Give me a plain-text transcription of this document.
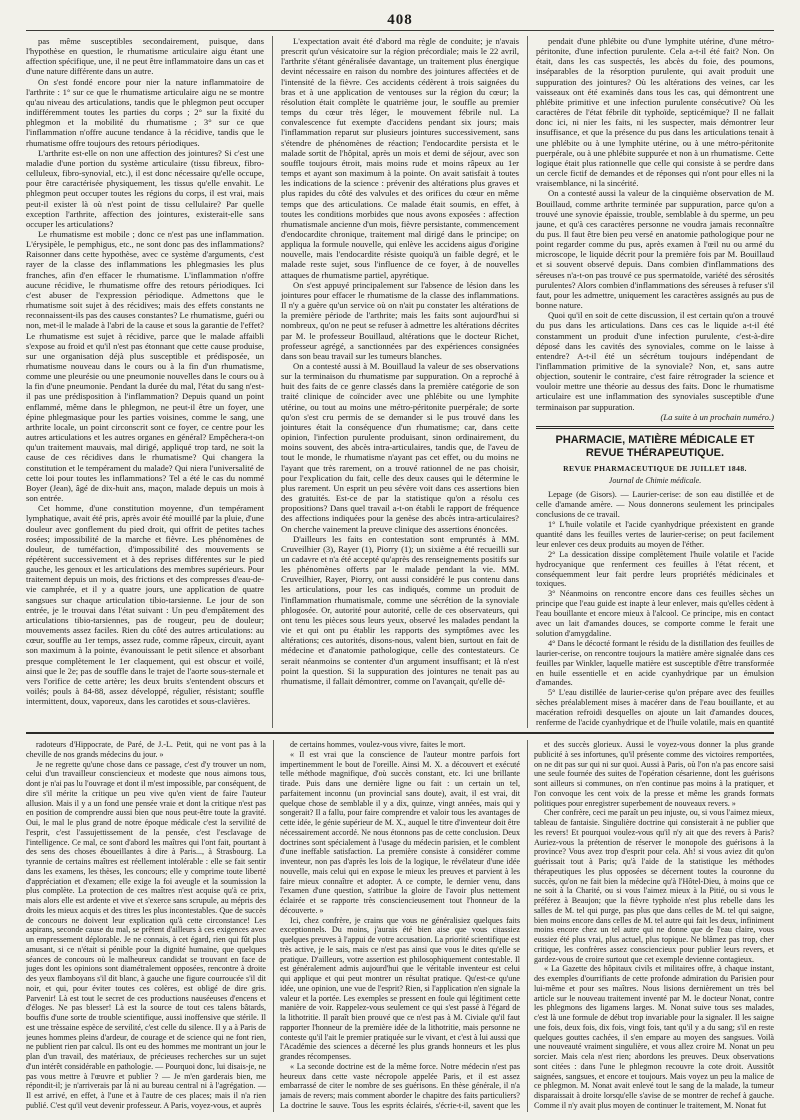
408

pas même susceptibles secondairement, puisque, dans l'hypothèse en question, le rhumatisme articulaire aigu étant une affection spécifique, une, il ne peut être inflammatoire dans un cas et d'une nature différente dans un autre.

On s'est fondé encore pour nier la nature inflammatoire de l'arthrite : 1° sur ce que le rhumatisme articulaire aigu ne se montre qu'au niveau des articulations, tandis que le phlegmon peut occuper indifféremment toutes les parties du corps ; 2° sur la fixité du phlegmon et la mobilité du rhumatisme ; 3° sur ce que l'inflammation n'offre aucune tendance à la récidive, tandis que le rhumatisme offre toujours des retours périodiques.

L'arthrite est-elle on non une affection des jointures? Si c'est une maladie d'une portion du système articulaire (tissu fibreux, fibro-celluleux, fibro-synovial, etc.), il est donc nécessaire qu'elle occupe, pour être caractérisée physiquement, les tissus qu'elle envahit. Le phlegmon peut occuper toutes les régions du corps, il est vrai, mais peut-il exister là où n'est point de tissu cellulaire? Par quelle exception l'arthrite, affection des jointures, existerait-elle sans occuper les articulations?

Le rhumatisme est mobile ; donc ce n'est pas une inflammation. L'érysipèle, le pemphigus, etc., ne sont donc pas des inflammations? Raisonner dans cette hypothèse, avec ce système d'arguments, c'est rayer de la classe des inflammations les phlegmasies les plus franches, afin d'en effacer le rhumatisme. L'inflammation n'offre aucune récidive, le rhumatisme offre des retours périodiques. Ici c'est abuser de l'expression périodique. Admettons que le rhumatisme soit sujet à des récidives; mais des effets constants ne reconnaissent-ils pas des causes constantes? Le rhumatisme, guéri ou non, met-il le malade à l'abri de la cause et sous la garantie de l'effet? Le rhumatisme est sujet à récidive, parce que le malade affaibli s'expose au froid et qu'il n'est pas étonnant que cette cause produise, sur une organisation déjà plus susceptible et prédisposée, un rhumatisme nouveau dans le cours ou à la fin d'un rhumatisme, comme une pleurésie ou une pneumonie nouvelles dans le cours ou à la fin d'une pneumonie. Pendant la durée du mal, l'état du sang n'est-il pas une prédisposition à l'inflammation? Depuis quand un point enflammé, même dans le phlegmon, ne peut-il être un foyer, une épine phlegmasique pour les parties voisines, comme le sang, une arthrite locale, un point circonscrit sont ce foyer, ce centre pour les autres articulations et les autres organes en général? Empêchera-t-on qu'un traitement mauvais, mal dirigé, appliqué trop tard, ne soit la cause de ces récidives dans le rhumatisme? Qui changera la constitution et le tempérament du malade? Qui niera l'universalité de cette loi pour toutes les inflammations? Tel a été le cas du nommé Boyer (Jean), âgé de dix-huit ans, maçon, malade depuis un mois à son entrée.

Cet homme, d'une constitution moyenne, d'un tempérament lymphatique, avait été pris, après avoir été mouillé par la pluie, d'une douleur avec gonflement du pied droit, qui offrit de petites taches rosées; impossibilité de la marche et fièvre. Les phénomènes de douleur, de tuméfaction, d'impossibilité des mouvements se répétèrent successivement et à des reprises différentes sur le pied gauche, les genoux et les articulations des membres supérieurs. Pour traitement depuis un mois, des frictions et des compresses d'eau-de-vie camphrée, et il y a quatre jours, une application de quatre sangsues sur chaque articulation tibio-tarsienne. Le jour de son entrée, je le trouvai dans l'état suivant : Un peu d'empâtement des articulations tibio-tarsiennes, pas de rougeur, peu de douleur; mouvements assez faciles. Rien du côté des autres articulations: au cœur, souffle au 1er temps, assez rude, comme râpeux, circuit, ayant son maximum à la pointe, évanouissant le petit silence et absorbant presque complètement le 1er claquement, qui est obscur et voilé, ainsi que le 2e; pas de souffle dans le trajet de l'aorte sous-sternale et vers l'orifice de cette artère; les deux bruits s'entendent obscurs et voilés; pouls à 84-88, assez développé, régulier, résistant; souffle intermittent, doux, vaporeux, dans les carotides et sous-clavières.

L'expectation avait été d'abord ma règle de conduite; je n'avais prescrit qu'un vésicatoire sur la région précordiale; mais le 22 avril, l'arthrite s'étant généralisée davantage, un traitement plus énergique devint nécessaire en raison du nombre des jointures affectées et de l'intensité de la fièvre. Ces accidents cédèrent à trois saignées du bras et à une application de ventouses sur la région du cœur; la résolution était complète le quatrième jour, le souffle au premier temps du cœur très léger, le mouvement fébrile nul. La convalescence fut exempte d'accidens pendant six jours; mais l'inflammation reparut sur plusieurs jointures successivement, sans s'étendre de phénomènes de réaction; l'endocardite persista et le malade sortit de l'hôpital, après un mois et demi de séjour, avec son souffle toujours étroit, mais moins rude et moins râpeux au 1er temps et ayant son maximum à la pointe. On avait satisfait à toutes les indications de la science : prévenir des altérations plus graves et plus rapides du côté des valvules et des orifices du cœur en même temps que des articulations. Ce malade était soumis, en effet, à toutes les conditions morbides que nous avons exposées : affection rhumatismale ancienne d'un mois, fièvre persistante, commencement d'endocardite chronique, traitement mal dirigé dans le principe; on appliqua la formule nouvelle, qui enlève les accidens aigus d'origine nouvelle, mais l'endocardite résiste quoiqu'à un faible degré, et le malade reste sujet, sous l'influence de ce foyer, à de nouvelles attaques de rhumatisme partiel, apyrétique.

On s'est appuyé principalement sur l'absence de lésion dans les jointures pour effacer le rhumatisme de la classe des inflammations. Il n'y a guère qu'un service où on n'ait pu constater les altérations de la première période de l'arthrite; mais les faits sont aujourd'hui si nombreux, qu'on ne peut se refuser à admettre les altérations décrites par M. le professeur Bouillaud, altérations que le docteur Richet, professeur agrégé, a sanctionnées par des expériences consignées dans son beau travail sur les tumeurs blanches.

On a contesté aussi à M. Bouillaud la valeur de ses observations sur la terminaison du rhumatisme par suppuration. On a reproché à huit des faits de ce genre classés dans la première catégorie de son traité clinique de coïncider avec une phlébite ou une lymphite utérine, ou tout au moins une métro-péritonite puerpérale; de sorte qu'on s'est cru permis de se demander si le pus trouvé dans les jointures était la conséquence d'un rhumatisme; car, dans cette opinion, l'infection purulente produisant, sinon ordinairement, du moins souvent, des abcès intra-articulaires, tandis que, de l'aveu de tout le monde, le rhumatisme n'ayant pas cet effet, ou du moins ne l'ayant que très rarement, on a trouvé rationnel de ne pas choisir, pour l'explication du fait, celle des deux causes qui le détermine le plus rarement. Un esprit un peu sévère voit dans ces assertions bien des gratuités. Est-ce de par la statistique qu'on a résolu ces propositions? Dans quel travail a-t-on établi le rapport de fréquence des affections indiquées pour la genèse des abcès intra-articulaires? On cherche vainement la preuve clinique des assertions énoncées.

D'ailleurs les faits en contestation sont empruntés à MM. Cruveilhier (3), Rayer (1), Piorry (1); un sixième a été recueilli sur un cadavre et n'a été accepté qu'après des renseignements positifs sur les phénomènes offerts par le malade pendant la vie. MM. Cruveilhier, Rayer, Piorry, ont aussi considéré le pus contenu dans les articulations, pour les cas indiqués, comme un produit de l'inflammation rhumatismale, comme une sécrétion de la synoviale phlogosée. Or, autorité pour autorité, celle de ces observateurs, qui ont tenu les pièces sous leurs yeux, observé les malades pendant la vie et qui ont pu établir les rapports des symptômes avec les altérations; ces autorités, disons-nous, valent bien, surtout en fait de médecine et d'anatomie pathologique, celle des contestateurs. Ce serait néanmoins se contenter d'un argument insuffisant; et là n'est point la question. Si la suppuration des jointures ne tenait pas au rhumatisme, il fallait démontrer, comme on l'avançait, qu'elle dé-

pendait d'une phlébite ou d'une lymphite utérine, d'une métro-péritonite, d'une infection purulente. Cela a-t-il été fait? Non. On était, dans les cas suspectés, les abcès du foie, des poumons, inséparables de la résorption purulente, qui avait produit une suppuration des jointures? Où les altérations des veines, car les vaisseaux ont été examinés dans tous les cas, qui démontrent une phlébite primitive et une infection purulente consécutive? Où les caractères de l'état fébrile dit typhoïde, septicémique? Il ne fallait donc ici, ni nier les faits, ni les suspecter, mais démontrer leur insuffisance, et que la présence du pus dans les articulations tenait à une phlébite ou à une lymphite utérine, ou à une métro-péritonite puerpérale, ou à une phlébite suppurée et non à un rhumatisme. Cette logique était plus rationnelle que celle qui consiste à se perdre dans un cercle fictif de demandes et de réponses qui n'ont pour elles ni la vraisemblance, ni la sincérité.

On a contesté aussi la valeur de la cinquième observation de M. Bouillaud, comme arthrite terminée par suppuration, parce qu'on a trouvé une synovie épaissie, trouble, semblable à du sperme, un peu jaune, et qu'à ces caractères personne ne voudra jamais reconnaître du pus. Il faut être bien peu versé en anatomie pathologique pour ne point regarder comme du pus, après examen à l'œil nu ou armé du microscope, le liquide décrit pour la première fois par M. Bouillaud et si souvent observé depuis. Dans combien d'inflammations des séreuses n'a-t-on pas trouvé ce pus spermatoïde, variété des sérosités purulentes? Alors combien d'inflammations des séreuses à refuser s'il faut, pour les admettre, uniquement les caractères assignés au pus de bonne nature.

Quoi qu'il en soit de cette discussion, il est certain qu'on a trouvé du pus dans les articulations. Dans ces cas le liquide a-t-il été constamment un produit d'une infection purulente, c'est-à-dire déposé dans les cavités des synoviales, comme on le laisse à entendre? A-t-il été un sécrétum toujours indépendant de l'inflammation primitive de la synoviale? Non, et, sans autre objection, soutenir le contraire, c'est faire rétrograder la science et vouloir mettre une théorie au dessus des faits. Donc le rhumatisme articulaire est une inflammation des synoviales susceptible d'une terminaison par suppuration.

(La suite à un prochain numéro.)
PHARMACIE, MATIÈRE MÉDICALE ET REVUE THÉRAPEUTIQUE.
REVUE PHARMACEUTIQUE DE JUILLET 1848.
Journal de Chimie médicale.

Lepage (de Gisors). — Laurier-cerise: de son eau distillée et de celle d'amande amère. — Nous donnerons seulement les principales conclusions de ce travail.

1° L'huile volatile et l'acide cyanhydrique préexistent en grande quantité dans les feuilles vertes de laurier-cerise; on peut facilement leur enlever ces deux produits au moyen de l'éther.

2° La dessication dissipe complètement l'huile volatile et l'acide hydrocyanique que renferment ces feuilles à l'état récent, et conséquemment leur fait perdre leurs propriétés médicinales et toxiques.

3° Néanmoins on rencontre encore dans ces feuilles sèches un principe que l'eau guide est inapte à leur enlever, mais qu'elles cèdent à l'eau bouillante et encore mieux à l'alcool. Ce principe, mis en contact avec un lait d'amandes douces, se comporte comme le ferait une solution d'amygdaline.

4° Dans le décocté formant le résidu de la distillation des feuilles de laurier-cerise, on rencontre toujours la matière amère signalée dans ces feuilles par Winkler, laquelle matière est susceptible d'être transformée en huile essentielle et en acide cyanhydrique par un émulsion d'amandes.

5° L'eau distillée de laurier-cerise qu'on prépare avec des feuilles sèches préalablement mises à macérer dans de l'eau bouillante, et au macération refroidi desquelles on ajoute un lait d'amandes douces, renferme de l'acide cyanhydrique et de l'huile volatile, mais en quantité

radoteurs d'Hippocrate, de Paré, de J.-L. Petit, qui ne vont pas à la cheville de nos grands médecins du jour. »

Je ne regrette qu'une chose dans ce passage, c'est d'y trouver un nom, celui d'un travailleur consciencieux et modeste que nous aimons tous, dont je n'ai pas lu l'ouvrage et dont il m'est impossible, par conséquent, de dire s'il mérite la critique un peu vive qu'en vient de faire l'auteur allusion. Mais il y a un fond une pensée vraie et dont la critique n'est pas en position de comprendre aussi bien que nous peut-être toute la gravité. Oui, le mal le plus grand de notre époque médicale c'est la servilité de l'esprit, c'est l'assujettissement de la pensée, c'est l'esclavage de l'intelligence. Ce mal, ce sont d'abord les maîtres qui l'ont fait, pourtant à des sens des choses éboueillantes à dire à Paris..., à Strasbourg. La tyrannie de certains maîtres est réellement intolérable : elle se fait sentir dans les examens, les thèses, les concours; elle y comprime toute liberté d'appréciation et d'examen; elle exige la foi aveugle et la soumission la plus complète. La protection de ces maîtres n'est acquise qu'à ce prix, mais alors elle est ardente et vive et s'exerce sans scrupule, au mépris des droits les mieux acquis et des titres les plus incontestables. Que de succès de concours ne doivent leur explication qu'à cette circonstance! Les aspirans, seconde cause du mal, se prêtent d'ailleurs à ces exigences avec un empressement déplorable. Je ne connais, à cet égard, rien qui fût plus amusant, si ce n'était si pénible pour la dignité humaine, que quelques séances de concours où le malheureux candidat se trouvant en face de juges dont les opinions sont diamétralement opposées, rencontre à droite des yeux flamboyans s'il dit blanc, à gauche une figure courroucée s'il dit noir, et qui, pour éviter toutes ces colères, est obligé de dire gris. Parvenir! Là est tout le secret de ces productions nauséeuses d'encens et d'éloges. Ne pas blesser! Là est la source de tout ces talens bâtards, bouffis d'une sorte de trouble scientifique, aussi inoffensive que stérile. Il est une trèssaine espèce de servilité, c'est celle du silence. Il y a à Paris de jeunes hommes pleins d'ardeur, de courage et de science qui ne font rien, ne publient rien par calcul. Ils ont eu des hommes me montrant un jour le plan d'un travail, des matériaux, de précieuses recherches sur un sujet d'un intérêt considérable en pathologie. — Pourquoi donc, lui disais-je, ne pas vous mettre à l'œuvre et publier ? — Je m'en garderais bien, me répondit-il; je n'arriverais par là ni au bureau central ni à l'agrégation. — Il est arrivé, en effet, à l'une et à l'autre de ces places; mais il n'a rien publié. C'est qu'il veut devenir professeur. A Paris, voyez-vous, et auprès

de certains hommes, voulez-vous vivre, faites le mort.

« Il est vrai que la conscience de l'auteur montre parfois fort impertinemment le bout de l'oreille. Ainsi M. X. a découvert et exécuté telle méthode magnifique, d'où succès constant, etc. Ici une brillante tirade. Puis dans une dernière ligne ou fait : un certain un tel, parfaitement inconnu (un provincial sans doute), avait, il est vrai, dit quelque chose de semblable il y a dix, quinze, vingt années, mais qui y songerait? Il a fallu, pour faire comprendre et valoir tous les avantages de cette idée, le génie supérieur de M. X., auquel le titre d'inventeur doit être nécessairement accordé. Ne nous étonnons pas de cette conclusion. Deux doctrines sont spécialement à l'usage du médecin parisien, et le comblent d'une ineffable satisfaction. La première consiste à considérer comme inventeur, non pas d'après les lois de la logique, le révélateur d'une idée nouvelle, mais celui qui en expose le mieux les preuves et parvient à les faire mieux connaître et adopter. A ce compte, le dernier venu, dans l'examen d'une question, s'attribue la gloire de l'avoir plus nettement éclairée et se rapporte très consciencieusement tout l'honneur de la découverte. »

Ici, chez confrère, je crains que vous ne généralisiez quelques faits exceptionnels. Du moins, j'aurais été bien aise que vous citassiez quelques preuves à l'appui de votre accusation. La priorité scientifique est très active, je le sais, mais ce n'est pas ainsi que vous le dites qu'elle se pratique. D'ailleurs, votre assertion est philosophiquement contestable. Il est généralement admis aujourd'hui que le véritable inventeur est celui qui applique et qui peut montrer un résultat pratique. Qu'est-ce qu'une idée, une opinion, une vue de l'esprit? Rien, si l'application n'en signale la valeur et la portée. Les exemples se pressent en foule qui légitiment cette manière de voir. Rappelez-vous seulement ce qui s'est passé à l'égard de la lithotritie. Il paraît bien prouvé que ce n'est pas à M. Civiale qu'il faut rapporter l'honneur de la première idée de la lithotritie, mais personne ne conteste qu'il l'ait le premier pratiquée sur le vivant, et c'est à lui aussi que l'Académie des sciences a décerné les plus grands honneurs et les plus grandes récompenses.

« La seconde doctrine est de la même force. Notre médecin n'est pas heureux dans cette vaste nécropole appelée Paris, et il est assez embarrassé de citer le nombre de ses guérisons. En thèse générale, il n'a jamais de revers; mais comment aborder le chapitre des faits particuliers? La doctrine le sauve. Tous les esprits éclairés, s'écrie-t-il, savent que les

et des succès glorieux. Aussi le voyez-vous donner la plus grande publicité à ses infortunes, qu'il présente comme des victoires remportées, on ne dit pas sur qui ni sur quoi. Aussi à Paris, où l'on n'a pas encore saisi une seule fournée des suites de l'opération césarienne, dont les guérisons sont ailleurs si communes, on n'en continue pas moins à la pratiquer, et l'on convoque les cent voix de la presse et même les grands formats politiques pour enregistrer superbement de nouveaux revers. »

Cher confrère, ceci me paraît un peu injuste, ou, si vous l'aimez mieux, tableau de fantaisie. Singulière doctrine qui consisterait à ne publier que les revers! Et pourquoi voulez-vous qu'il n'y ait que des revers à Paris? Auriez-vous la prétention de réserver le monopole des guérisons à la province? Vous avez trop d'esprit pour cela. Ah! si vous aviez dit qu'on guérissait tout à Paris; qu'à l'aide de la statistique les méthodes thérapeutiques les plus opposées se décernent toutes la couronne du succès, qu'on ne fait bien la médecine qu'à l'Hôtel-Dieu, à moins que ce ne soit à la Charité, ou si vous l'aimez mieux à la Pitié, ou si vous le préférez à Beaujon; que la fièvre typhoïde n'est plus rebelle dans les salles de M. tel qui purge, pas plus que dans celles de M. tel qui saigne, bien moins encore dans celles de M. tel autre qui fait les deux, infiniment moins encore chez un tel autre qui ne donne que de l'eau claire, vous eussiez été plus vrai, plus actuel, plus topique. Ne blâmez pas trop, cher critique, les confrères assez consciencieux pour publier leurs revers, et gardez-vous de croire surtout que cet exemple devienne contagieux.

« La Gazette des hôpitaux civils et militaires offre, à chaque instant, des exemples d'ourrifiants de cette profonde admiration du Parisien pour lui-même et pour ses maîtres. Nous lisions dernièrement un très bel article sur le nouveau traitement inventé par M. le docteur Nonat, contre les phlegmons des ligamens larges. M. Nonat suive tous ses malades, c'est là une formule de début trop invariable pour la signaler. Il les saigne une fois, deux fois, dix fois, vingt fois, tant qu'il y a du sang; s'il en reste quelques gouttes cachées, il s'en empare au moyen des sangsues. Voilà une nouveauté vraiment singulière, et vous allez croire M. Nonat un peu sorcier. Mais cela n'est rien; abordons les preuves. Deux observations sont citées : dans l'une le phlegmon recouvre la cote droit. Aussitôt saignées, sangsues, et encore et toujours. Mais voyez un peu la malice de ce phlegmon. M. Nonat avait enlevé tout le sang de la malade, la tumeur disparaissait à droite lorsqu'elle s'avise de se montrer de rechef à gauche. Comme il n'y avait plus moyen de continuer le traitement, M. Nonat fut
